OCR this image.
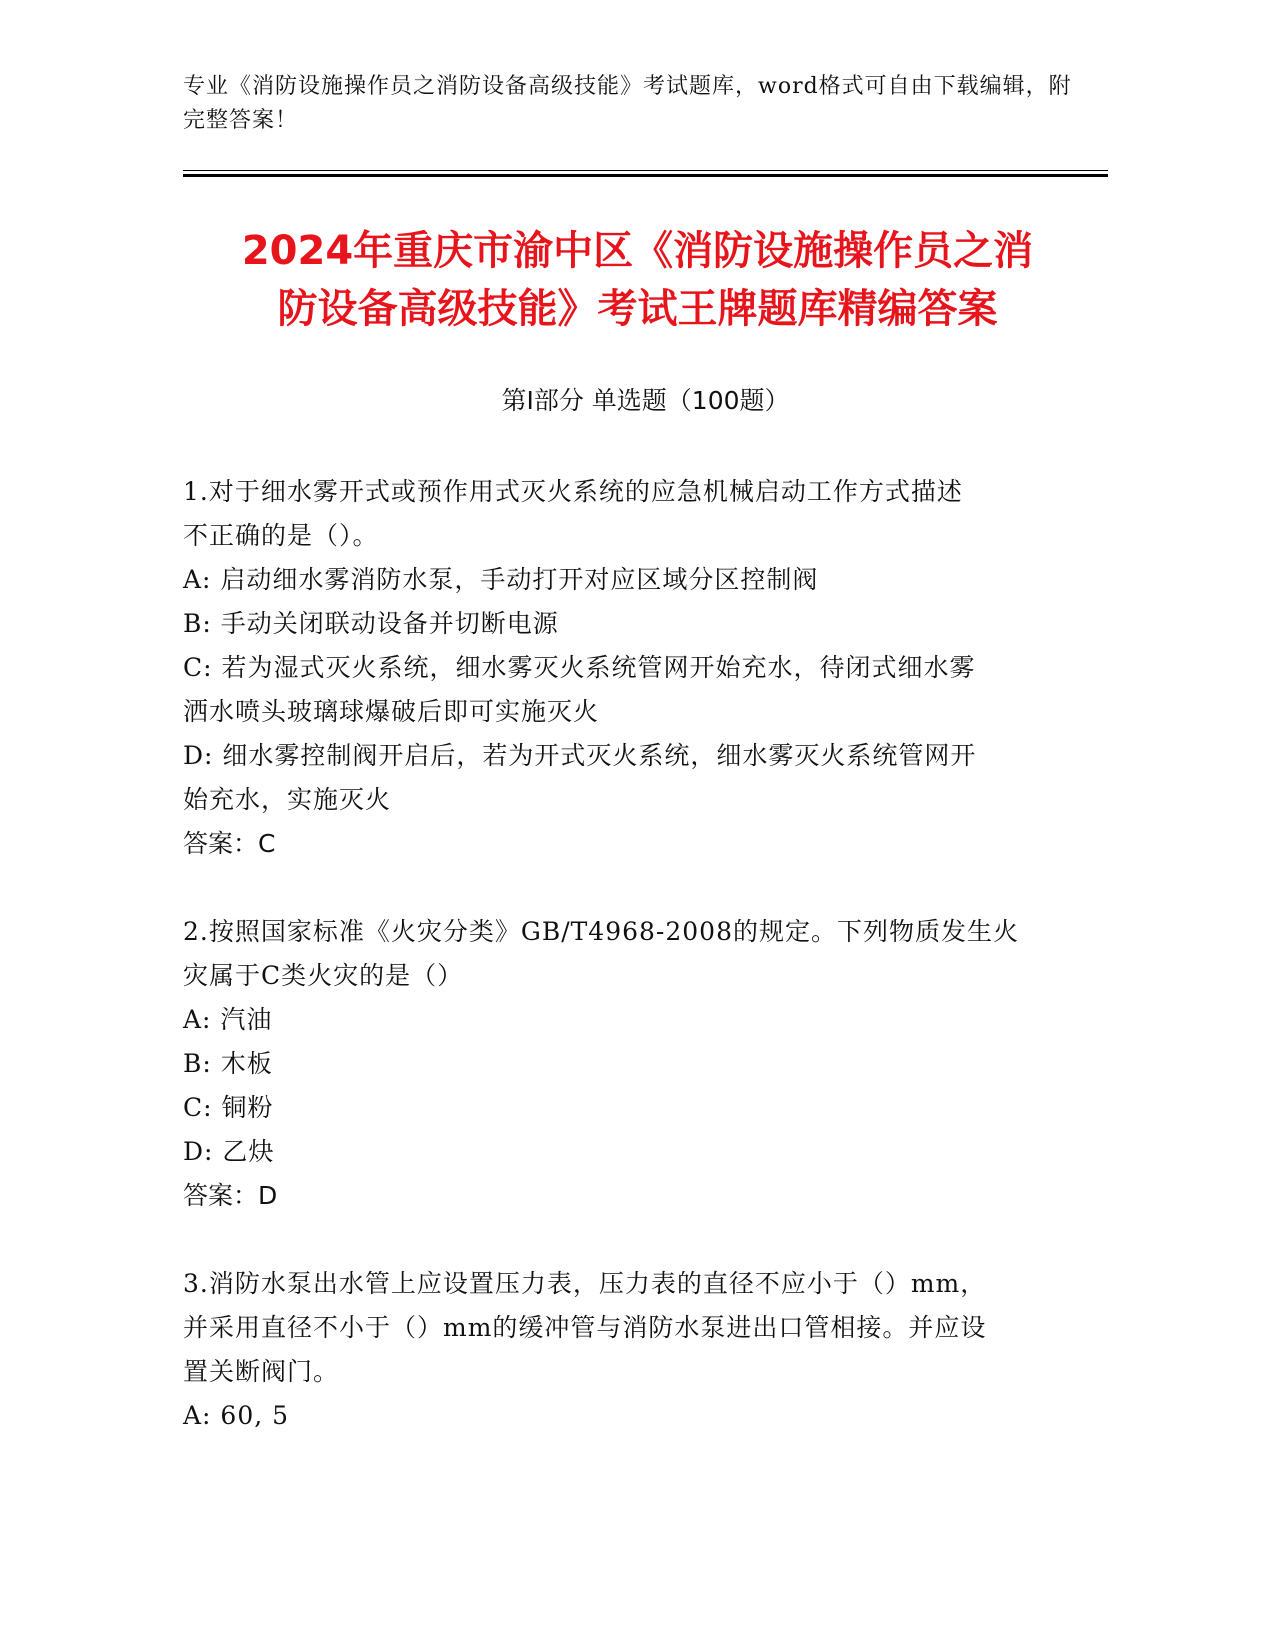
专业《消防设施操作员之消防设备高级技能》考试题库，word格式可自由下载编辑，附完整答案！
2024年重庆市渝中区《消防设施操作员之消
防设备高级技能》考试王牌题库精编答案
第I部分 单选题（100题）
1.对于细水雾开式或预作用式灭火系统的应急机械启动工作方式描述
不正确的是（）。
A: 启动细水雾消防水泵，手动打开对应区域分区控制阀
B: 手动关闭联动设备并切断电源
C: 若为湿式灭火系统，细水雾灭火系统管网开始充水，待闭式细水雾
洒水喷头玻璃球爆破后即可实施灭火
D: 细水雾控制阀开启后，若为开式灭火系统，细水雾灭火系统管网开
始充水，实施灭火
答案：C
2.按照国家标准《火灾分类》GB/T4968-2008的规定。下列物质发生火
灾属于C类火灾的是（）
A: 汽油
B: 木板
C: 铜粉
D: 乙炔
答案：D
3.消防水泵出水管上应设置压力表，压力表的直径不应小于（）mm，
并采用直径不小于（）mm的缓冲管与消防水泵进出口管相接。并应设
置关断阀门。
A: 60, 5
